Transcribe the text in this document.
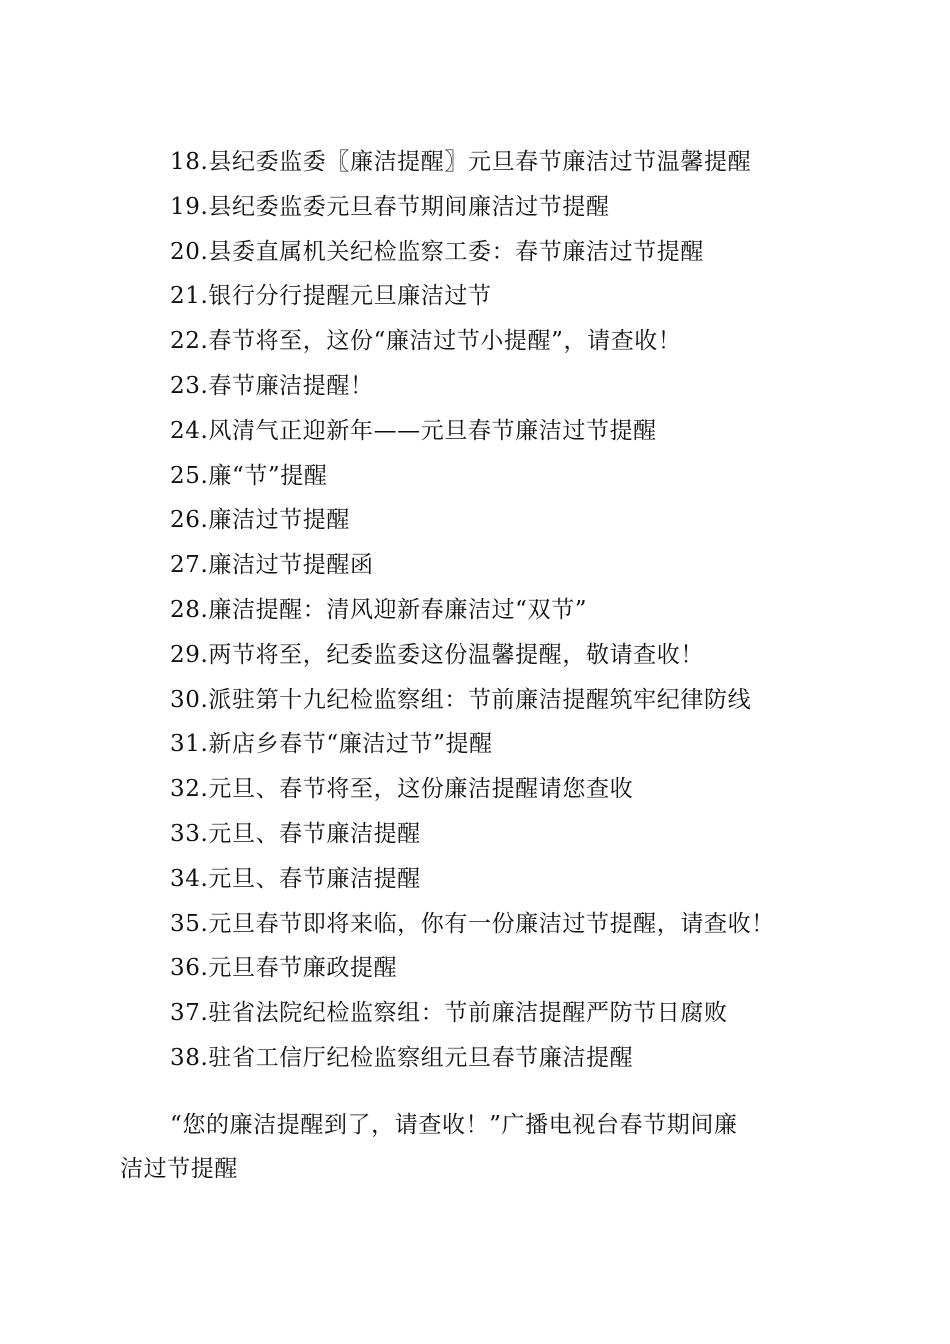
18.县纪委监委〖廉洁提醒〗元旦春节廉洁过节温馨提醒
19.县纪委监委元旦春节期间廉洁过节提醒
20.县委直属机关纪检监察工委：春节廉洁过节提醒
21.银行分行提醒元旦廉洁过节
22.春节将至，这份“廉洁过节小提醒”，请查收！
23.春节廉洁提醒！
24.风清气正迎新年——元旦春节廉洁过节提醒
25.廉“节”提醒
26.廉洁过节提醒
27.廉洁过节提醒函
28.廉洁提醒：清风迎新春廉洁过“双节”
29.两节将至，纪委监委这份温馨提醒，敬请查收！
30.派驻第十九纪检监察组：节前廉洁提醒筑牢纪律防线
31.新店乡春节“廉洁过节”提醒
32.元旦、春节将至，这份廉洁提醒请您查收
33.元旦、春节廉洁提醒
34.元旦、春节廉洁提醒
35.元旦春节即将来临，你有一份廉洁过节提醒，请查收！
36.元旦春节廉政提醒
37.驻省法院纪检监察组：节前廉洁提醒严防节日腐败
38.驻省工信厅纪检监察组元旦春节廉洁提醒

“您的廉洁提醒到了，请查收！”广播电视台春节期间廉
洁过节提醒
